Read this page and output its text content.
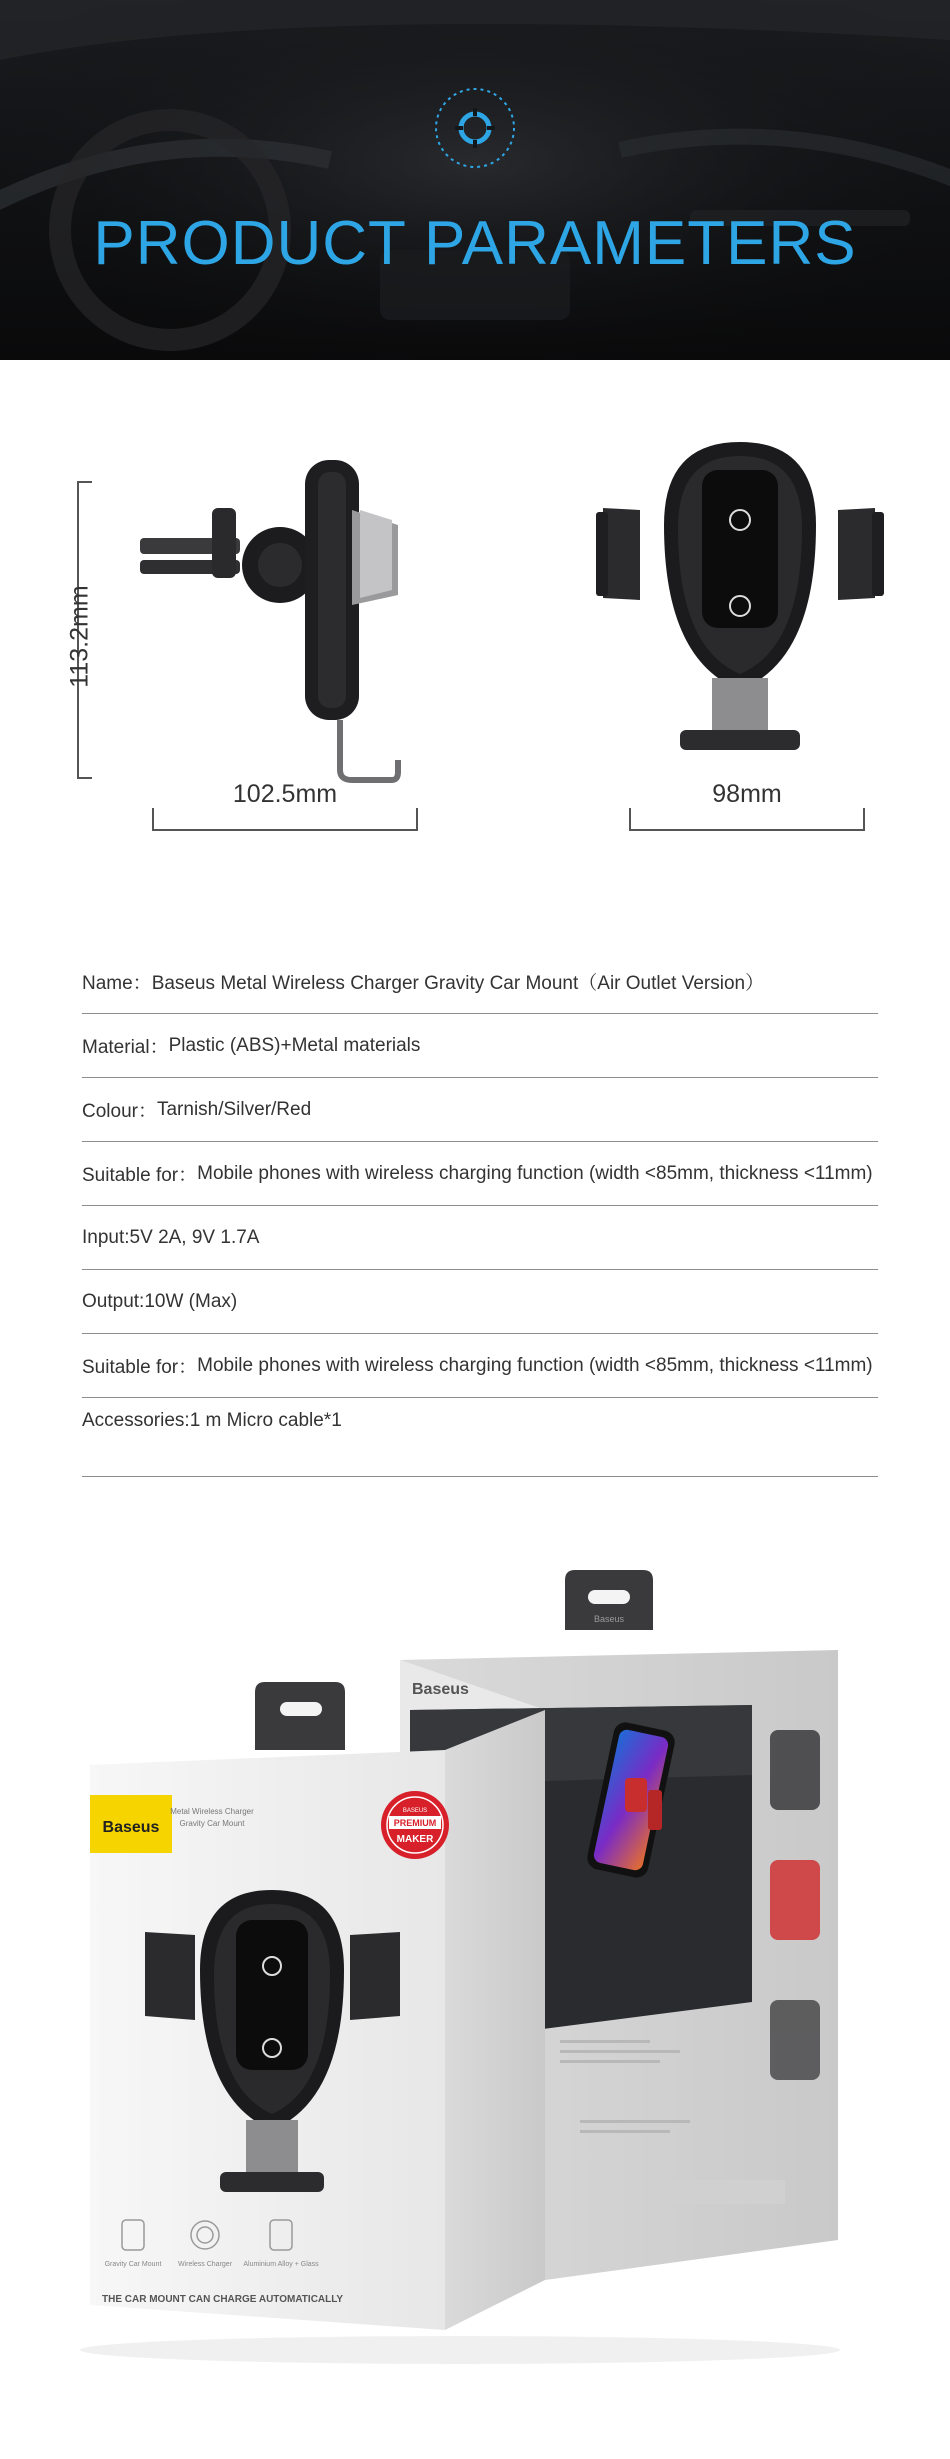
PRODUCT PARAMETERS
113.2mm
102.5mm	98mm
Name： Baseus Metal Wireless Charger Gravity Car Mount（Air Outlet Version）
Material： Plastic (ABS)+Metal materials
Colour： Tarnish/Silver/Red
Suitable for： Mobile phones with wireless charging function (width <85mm, thickness <11mm)
Input: 5V 2A, 9V 1.7A
Output: 10W (Max)
Suitable for： Mobile phones with wireless charging function (width <85mm, thickness <11mm)
Accessories: 1 m Micro cable*1
Baseus
Baseus
Baseus
Metal Wireless Charger
Gravity Car Mount
BASEUS
PREMIUM
MAKER
Gravity Car Mount Wireless Charger Aluminium Alloy + Glass
THE CAR MOUNT CAN CHARGE AUTOMATICALLY
